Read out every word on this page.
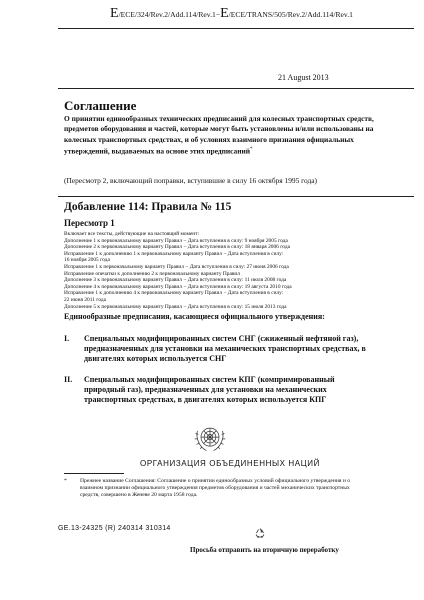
E/ECE/324/Rev.2/Add.114/Rev.1−E/ECE/TRANS/505/Rev.2/Add.114/Rev.1
21 August 2013
Соглашение
О принятии единообразных технических предписаний для колесных транспортных средств, предметов оборудования и частей, которые могут быть установлены и/или использованы на колесных транспортных средствах, и об условиях взаимного признания официальных утверждений, выдаваемых на основе этих предписаний*
(Пересмотр 2, включающий поправки, вступившие в силу 16 октября 1995 года)
Добавление 114: Правила № 115
Пересмотр 1
Включает все тексты, действующие на настоящий момент:
Дополнение 1 к первоначальному варианту Правил − Дата вступления в силу: 9 ноября 2005 года
Дополнение 2 к первоначальному варианту Правил − Дата вступления в силу: 18 января 2006 года
Исправление 1 к дополнению 1 к первоначальному варианту Правил − Дата вступления в силу:
16 ноября 2005 года
Исправление 1 к первоначальному варианту Правил − Дата вступления в силу: 27 июня 2006 года
Исправление опечатки к дополнению 2 к первоначальному варианту Правил
Дополнение 3 к первоначальному варианту Правил − Дата вступления в силу: 11 июля 2008 года
Дополнение 4 к первоначальному варианту Правил − Дата вступления в силу: 19 августа 2010 года
Исправление 1 к дополнению 4 к первоначальному варианту Правил − Дата вступления в силу:
22 июня 2011 года
Дополнение 5 к первоначальному варианту Правил − Дата вступления в силу: 15 июля 2013 года
Единообразные предписания, касающиеся официального утверждения:
I. Специальных модифицированных систем СНГ (сжиженный нефтяной газ), предназначенных для установки на механических транспортных средствах, в двигателях которых используется СНГ
II. Специальных модифицированных систем КПГ (компримированный природный газ), предназначенных для установки на механических транспортных средствах, в двигателях которых используется КПГ
ОРГАНИЗАЦИЯ ОБЪЕДИНЕННЫХ НАЦИЙ
* Прежнее название Соглашения: Соглашение о принятии единообразных условий официального утверждения и о взаимном признании официального утверждения предметов оборудования и частей механических транспортных средств, совершено в Женеве 20 марта 1958 года.
GE.13-24325 (R) 240314 310314
Просьба отправить на вторичную переработку
